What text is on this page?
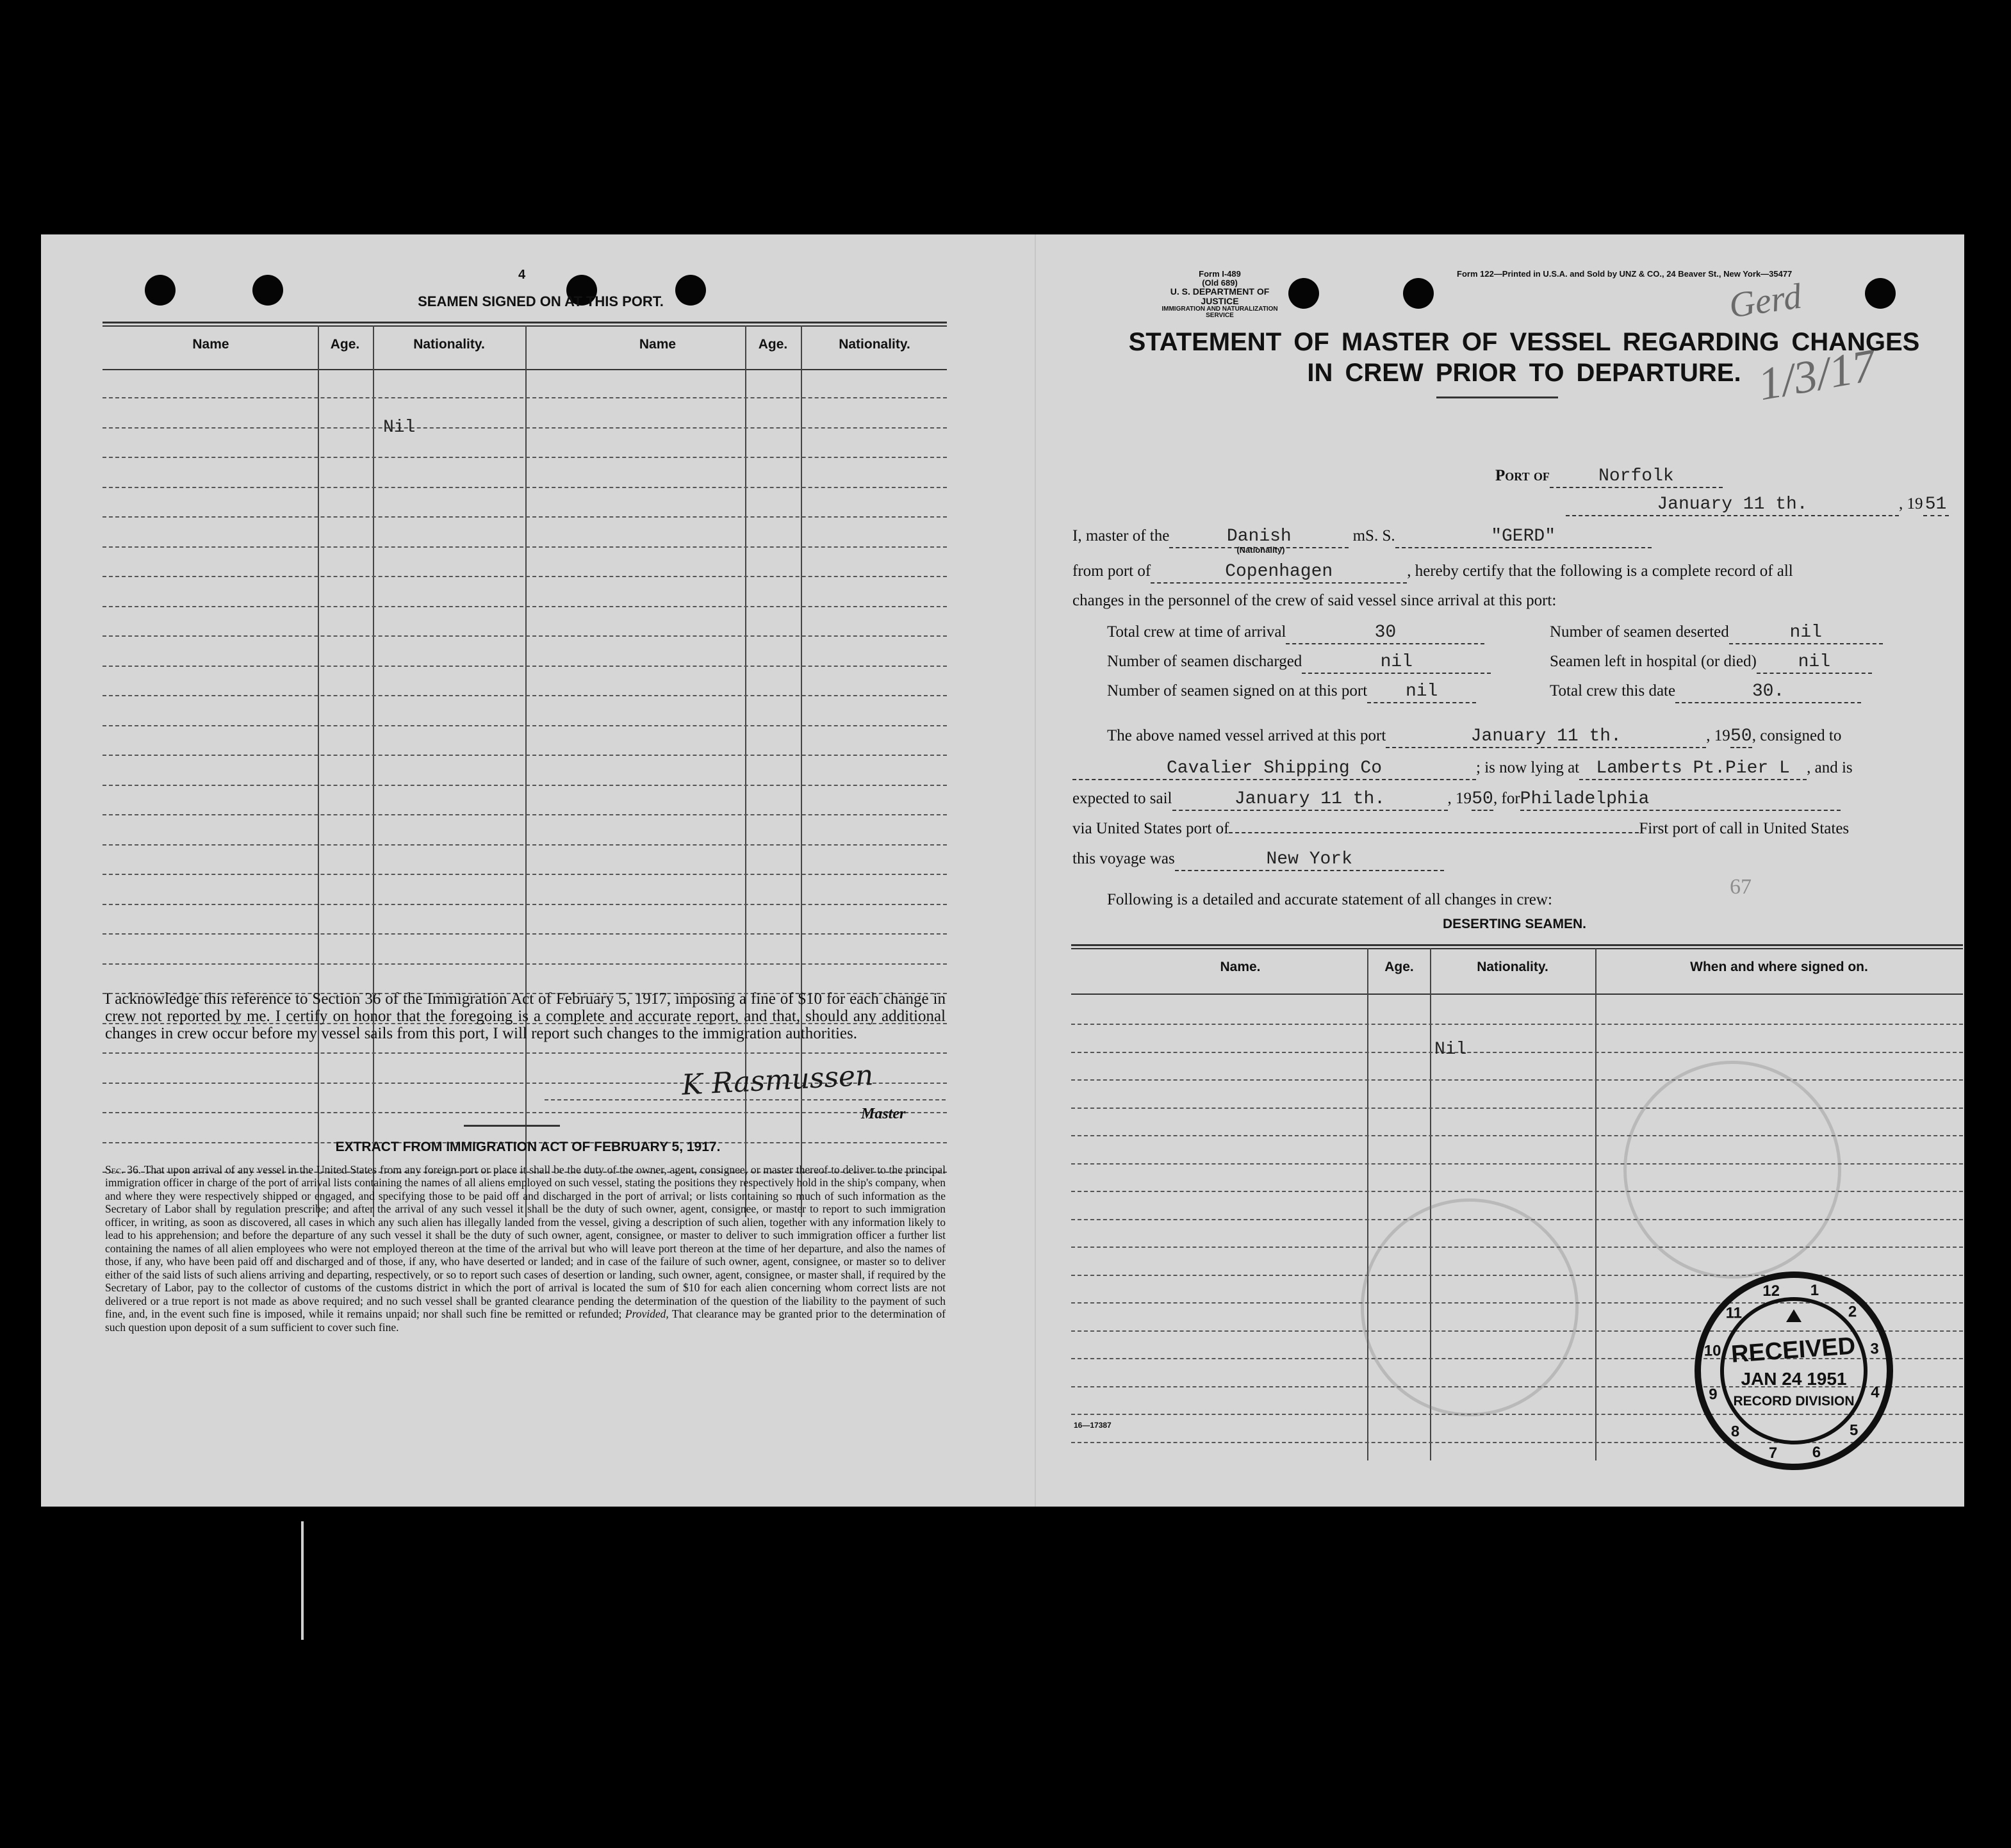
4
SEAMEN SIGNED ON AT THIS PORT.
Name	Age.	Nationality.	Name	Age.	Nationality.
Nil
I acknowledge this reference to Section 36 of the Immigration Act of February 5, 1917, imposing a fine of $10 for each change in crew not reported by me. I certify on honor that the foregoing is a complete and accurate report, and that, should any additional changes in crew occur before my vessel sails from this port, I will report such changes to the immigration authorities.
K Rasmussen
Master
EXTRACT FROM IMMIGRATION ACT OF FEBRUARY 5, 1917.
Sec. 36. That upon arrival of any vessel in the United States from any foreign port or place it shall be the duty of the owner, agent, consignee, or master thereof to deliver to the principal immigration officer in charge of the port of arrival lists containing the names of all aliens employed on such vessel, stating the positions they respectively hold in the ship's company, when and where they were respectively shipped or engaged, and specifying those to be paid off and discharged in the port of arrival; or lists containing so much of such information as the Secretary of Labor shall by regulation prescribe; and after the arrival of any such vessel it shall be the duty of such owner, agent, consignee, or master to report to such immigration officer, in writing, as soon as discovered, all cases in which any such alien has illegally landed from the vessel, giving a description of such alien, together with any information likely to lead to his apprehension; and before the departure of any such vessel it shall be the duty of such owner, agent, consignee, or master to deliver to such immigration officer a further list containing the names of all alien employees who were not employed thereon at the time of the arrival but who will leave port thereon at the time of her departure, and also the names of those, if any, who have been paid off and discharged and of those, if any, who have deserted or landed; and in case of the failure of such owner, agent, consignee, or master so to deliver either of the said lists of such aliens arriving and departing, respectively, or so to report such cases of desertion or landing, such owner, agent, consignee, or master shall, if required by the Secretary of Labor, pay to the collector of customs of the customs district in which the port of arrival is located the sum of $10 for each alien concerning whom correct lists are not delivered or a true report is not made as above required; and no such vessel shall be granted clearance pending the determination of the question of the liability to the payment of such fine, and, in the event such fine is imposed, while it remains unpaid; nor shall such fine be remitted or refunded; Provided, That clearance may be granted prior to the determination of such question upon deposit of a sum sufficient to cover such fine.
Form I-489
(Old 689)
U. S. DEPARTMENT OF JUSTICE
IMMIGRATION AND NATURALIZATION SERVICE
Form 122—Printed in U.S.A. and Sold by UNZ & CO., 24 Beaver St., New York—35477
Gerd
1/3/17
STATEMENT OF MASTER OF VESSEL REGARDING CHANGES
IN CREW PRIOR TO DEPARTURE.
Port of	Norfolk
January 11 th.	, 19 51
I, master of the	Danish
(Nationality)
mS. S.	"GERD"
from port of	Copenhagen	, hereby certify that the following is a complete record of all
changes in the personnel of the crew of said vessel since arrival at this port:
Total crew at time of arrival	30	Number of seamen deserted	nil
Number of seamen discharged	nil	Seamen left in hospital (or died) nil
Number of seamen signed on at this port nil	Total crew this date	30.
The above named vessel arrived at this port	January 11 th.	, 1950, consigned to
Cavalier Shipping Co	; is now lying at Lamberts Pt.Pier L , and is
expected to sail	January 11 th.	, 1950, forPhiladelphia
via United States port of	First port of call in United States
this voyage was	New York
67
Following is a detailed and accurate statement of all changes in crew:
DESERTING SEAMEN.
Name.	Age.	Nationality.	When and where signed on.
Nil
RECEIVED
JAN 24 1951
RECORD DIVISION
1
2
3
4
5
6
7
8
9
10
11
12
16—17387
